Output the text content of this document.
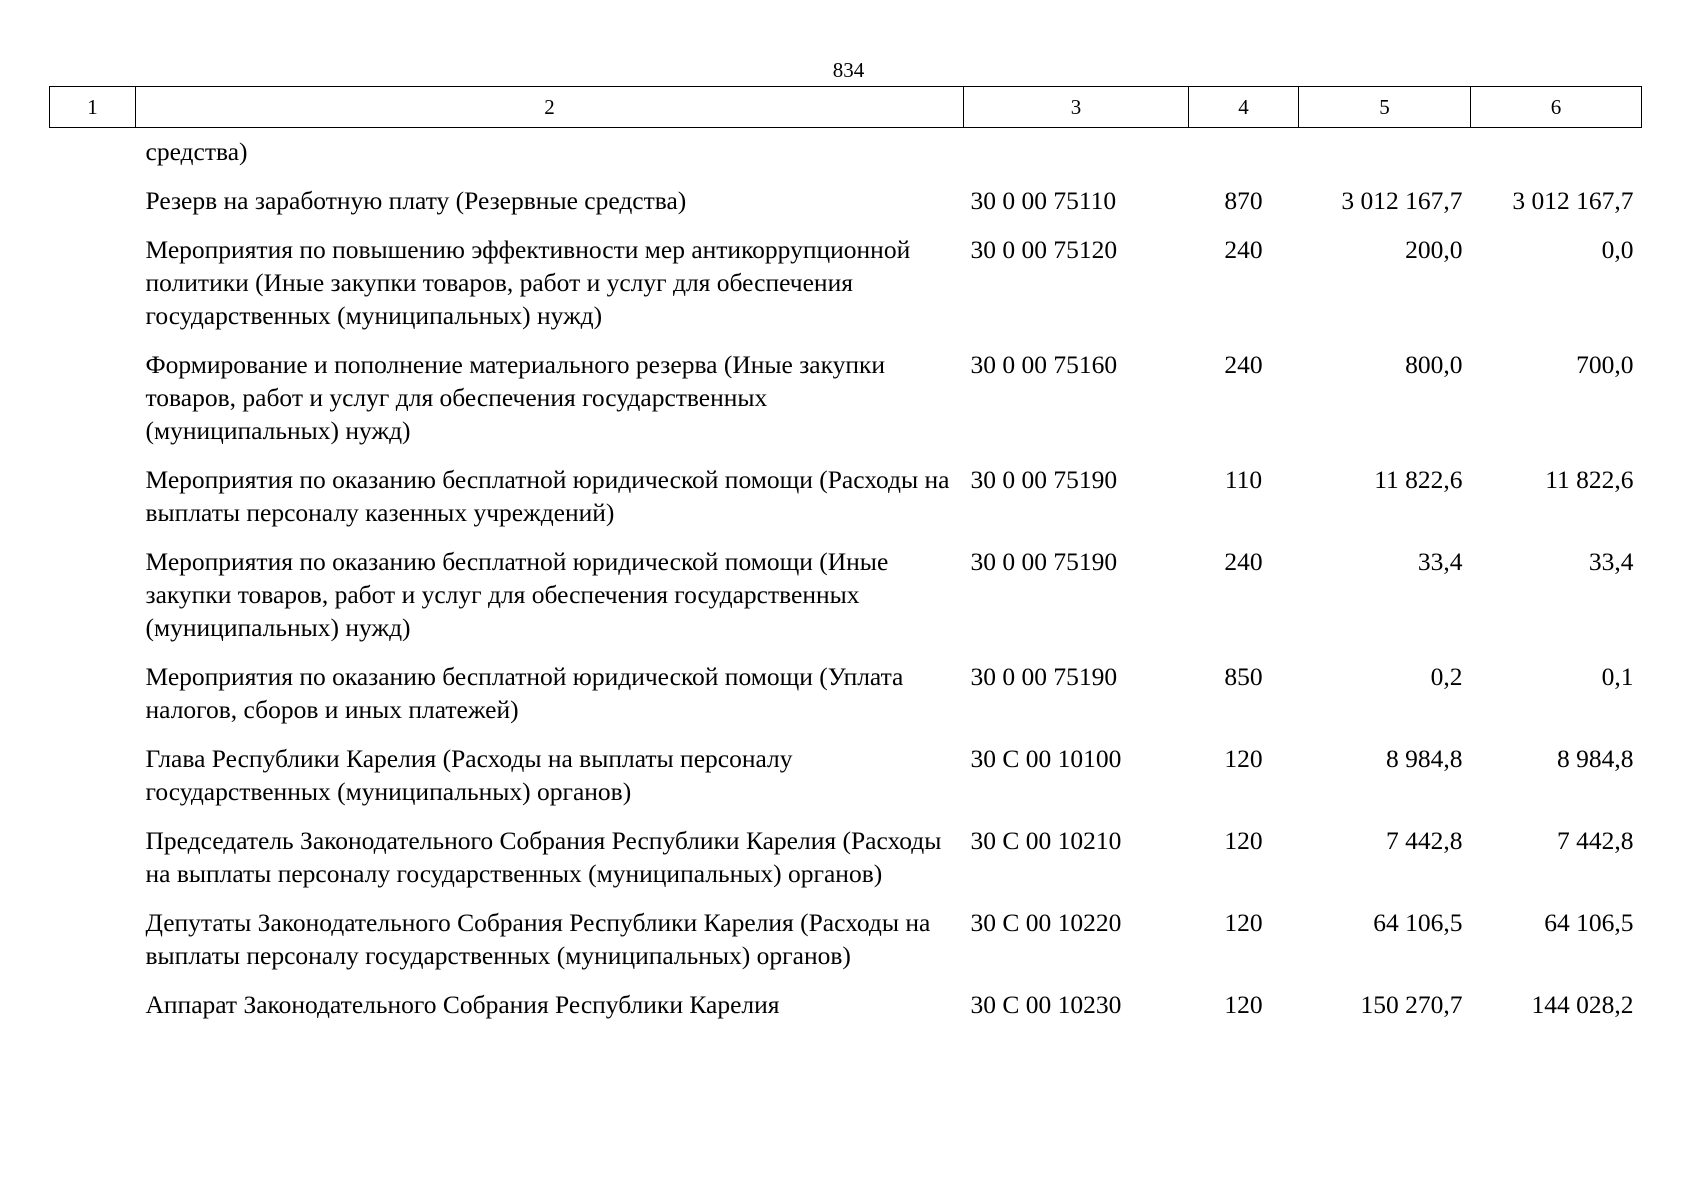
834
1	2	3	4	5	6
	средства)				
	Резерв на заработную плату (Резервные средства)	30 0 00 75110	870	3 012 167,7	3 012 167,7
	Мероприятия по повышению эффективности мер антикоррупционной политики (Иные закупки товаров, работ и услуг для обеспечения государственных (муниципальных) нужд)	30 0 00 75120	240	200,0	0,0
	Формирование и пополнение материального резерва (Иные закупки товаров, работ и услуг для обеспечения государственных (муниципальных) нужд)	30 0 00 75160	240	800,0	700,0
	Мероприятия по оказанию бесплатной юридической помощи (Расходы на выплаты персоналу казенных учреждений)	30 0 00 75190	110	11 822,6	11 822,6
	Мероприятия по оказанию бесплатной юридической помощи (Иные закупки товаров, работ и услуг для обеспечения государственных (муниципальных) нужд)	30 0 00 75190	240	33,4	33,4
	Мероприятия по оказанию бесплатной юридической помощи (Уплата налогов, сборов и иных платежей)	30 0 00 75190	850	0,2	0,1
	Глава Республики Карелия (Расходы на выплаты персоналу государственных (муниципальных) органов)	30 С 00 10100	120	8 984,8	8 984,8
	Председатель Законодательного Собрания Республики Карелия (Расходы на выплаты персоналу государственных (муниципальных) органов)	30 С 00 10210	120	7 442,8	7 442,8
	Депутаты Законодательного Собрания Республики Карелия (Расходы на выплаты персоналу государственных (муниципальных) органов)	30 С 00 10220	120	64 106,5	64 106,5
	Аппарат Законодательного Собрания Республики Карелия	30 С 00 10230	120	150 270,7	144 028,2
